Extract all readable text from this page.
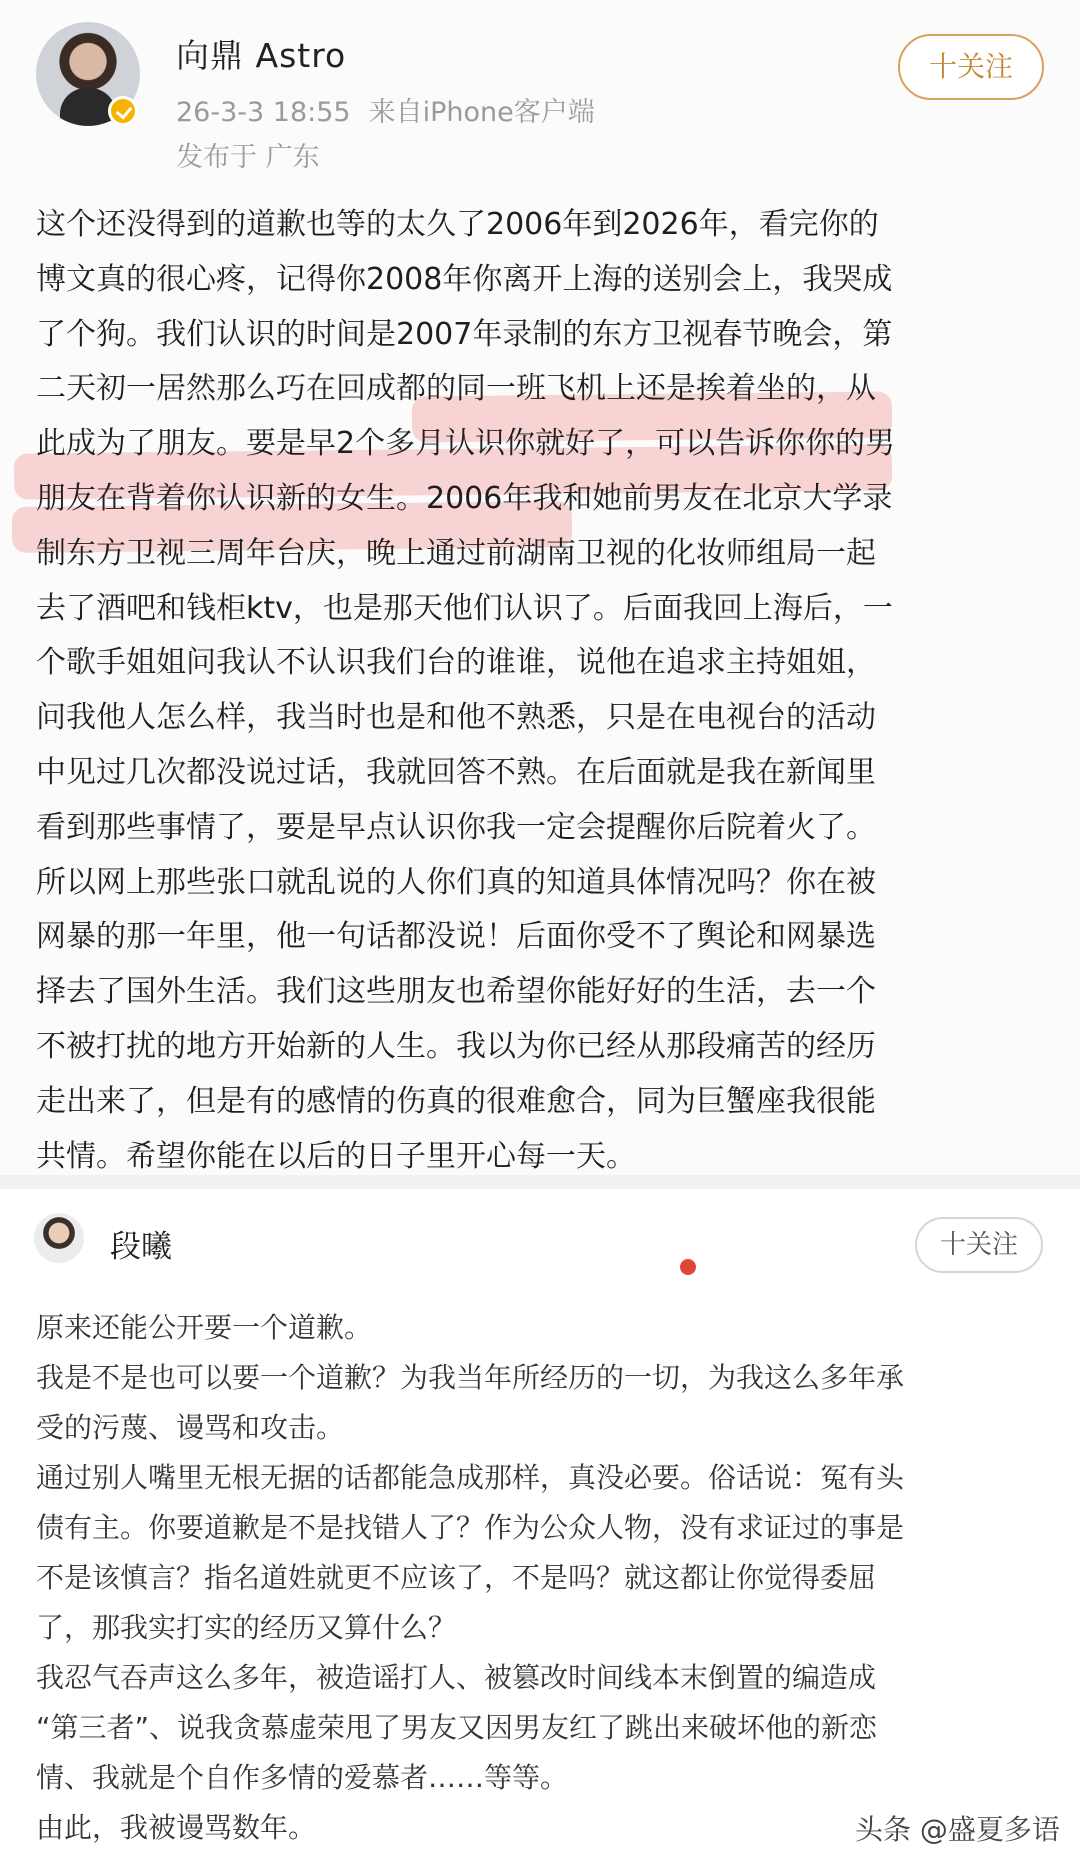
向鼎 Astro
26-3-3 18:55 来自iPhone客户端
发布于 广东
十关注
这个还没得到的道歉也等的太久了2006年到2026年，看完你的
博文真的很心疼，记得你2008年你离开上海的送别会上，我哭成
了个狗。我们认识的时间是2007年录制的东方卫视春节晚会，第
二天初一居然那么巧在回成都的同一班飞机上还是挨着坐的，从
此成为了朋友。要是早2个多月认识你就好了，可以告诉你你的男
朋友在背着你认识新的女生。2006年我和她前男友在北京大学录
制东方卫视三周年台庆，晚上通过前湖南卫视的化妆师组局一起
去了酒吧和钱柜ktv，也是那天他们认识了。后面我回上海后，一
个歌手姐姐问我认不认识我们台的谁谁，说他在追求主持姐姐，
问我他人怎么样，我当时也是和他不熟悉，只是在电视台的活动
中见过几次都没说过话，我就回答不熟。在后面就是我在新闻里
看到那些事情了，要是早点认识你我一定会提醒你后院着火了。
所以网上那些张口就乱说的人你们真的知道具体情况吗？你在被
网暴的那一年里，他一句话都没说！后面你受不了舆论和网暴选
择去了国外生活。我们这些朋友也希望你能好好的生活，去一个
不被打扰的地方开始新的人生。我以为你已经从那段痛苦的经历
走出来了，但是有的感情的伤真的很难愈合，同为巨蟹座我很能
共情。希望你能在以后的日子里开心每一天。
段曦	十关注
原来还能公开要一个道歉。
我是不是也可以要一个道歉？为我当年所经历的一切，为我这么多年承
受的污蔑、谩骂和攻击。
通过别人嘴里无根无据的话都能急成那样，真没必要。俗话说：冤有头
债有主。你要道歉是不是找错人了？作为公众人物，没有求证过的事是
不是该慎言？指名道姓就更不应该了，不是吗？就这都让你觉得委屈
了，那我实打实的经历又算什么？
我忍气吞声这么多年，被造谣打人、被篡改时间线本末倒置的编造成
“第三者”、说我贪慕虚荣甩了男友又因男友红了跳出来破坏他的新恋
情、我就是个自作多情的爱慕者……等等。
由此，我被谩骂数年。	头条 @盛夏多语
